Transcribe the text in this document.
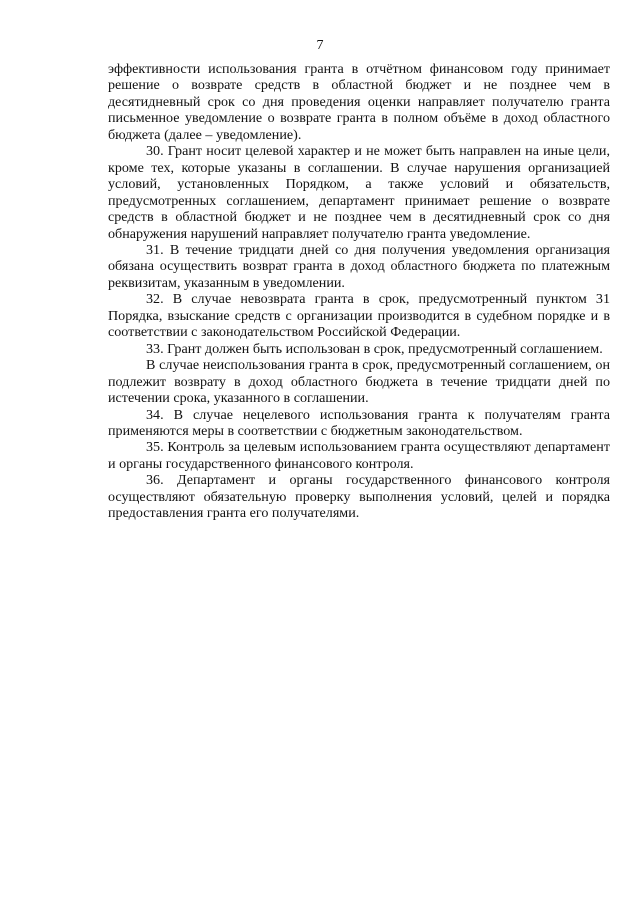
7

эффективности использования гранта в отчётном финансовом году принимает решение о возврате средств в областной бюджет и не позднее чем в десятидневный срок со дня проведения оценки направляет получателю гранта письменное уведомление о возврате гранта в полном объёме в доход областного бюджета (далее – уведомление).

30. Грант носит целевой характер и не может быть направлен на иные цели, кроме тех, которые указаны в соглашении. В случае нарушения организацией условий, установленных Порядком, а также условий и обязательств, предусмотренных соглашением, департамент принимает решение о возврате средств в областной бюджет и не позднее чем в десятидневный срок со дня обнаружения нарушений направляет получателю гранта уведомление.

31. В течение тридцати дней со дня получения уведомления организация обязана осуществить возврат гранта в доход областного бюджета по платежным реквизитам, указанным в уведомлении.

32. В случае невозврата гранта в срок, предусмотренный пунктом 31 Порядка, взыскание средств с организации производится в судебном порядке и в соответствии с законодательством Российской Федерации.

33. Грант должен быть использован в срок, предусмотренный соглашением.

В случае неиспользования гранта в срок, предусмотренный соглашением, он подлежит возврату в доход областного бюджета в течение тридцати дней по истечении срока, указанного в соглашении.

34. В случае нецелевого использования гранта к получателям гранта применяются меры в соответствии с бюджетным законодательством.

35. Контроль за целевым использованием гранта осуществляют департамент и органы государственного финансового контроля.

36. Департамент и органы государственного финансового контроля осуществляют обязательную проверку выполнения условий, целей и порядка предоставления гранта его получателями.
